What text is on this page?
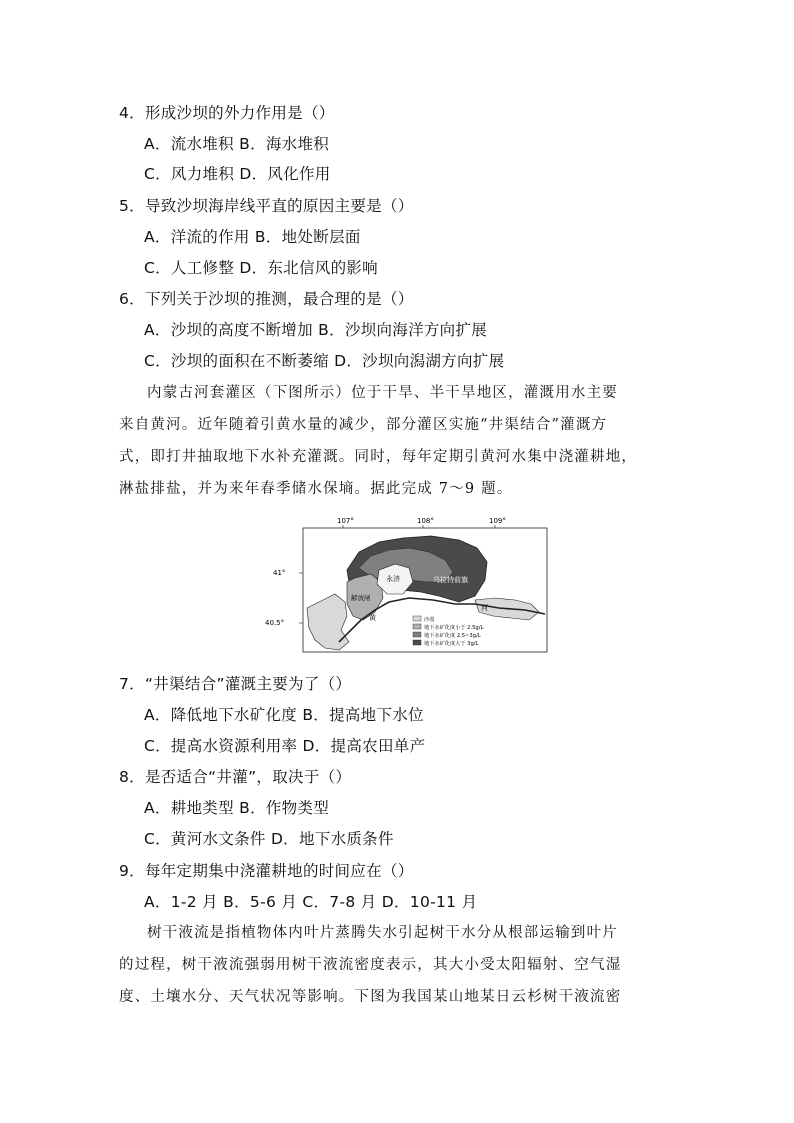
4．形成沙坝的外力作用是（）
A．流水堆积 B．海水堆积
C．风力堆积 D．风化作用
5．导致沙坝海岸线平直的原因主要是（）
A．洋流的作用 B．地处断层面
C．人工修整 D．东北信风的影响
6．下列关于沙坝的推测，最合理的是（）
A．沙坝的高度不断增加 B．沙坝向海洋方向扩展
C．沙坝的面积在不断萎缩 D．沙坝向潟湖方向扩展
内蒙古河套灌区（下图所示）位于干旱、半干旱地区，灌溉用水主要
来自黄河。近年随着引黄水量的减少，部分灌区实施“井渠结合”灌溉方
式，即打井抽取地下水补充灌溉。同时，每年定期引黄河水集中浇灌耕地，
淋盐排盐，并为来年春季储水保墒。据此完成 7～9 题。
107°	108°	109°
41°
40.5°
永济
解放闸
乌拉特前旗
黄
河
沙漠
地下水矿化度小于 2.5g/L
地下水矿化度 2.5~3g/L
地下水矿化度大于 3g/L
7．“井渠结合”灌溉主要为了（）
A．降低地下水矿化度 B．提高地下水位
C．提高水资源利用率 D．提高农田单产
8．是否适合“井灌”，取决于（）
A．耕地类型 B．作物类型
C．黄河水文条件 D．地下水质条件
9．每年定期集中浇灌耕地的时间应在（）
A．1-2 月 B．5-6 月 C．7-8 月 D．10-11 月
树干液流是指植物体内叶片蒸腾失水引起树干水分从根部运输到叶片
的过程，树干液流强弱用树干液流密度表示，其大小受太阳辐射、空气湿
度、土壤水分、天气状况等影响。下图为我国某山地某日云杉树干液流密
